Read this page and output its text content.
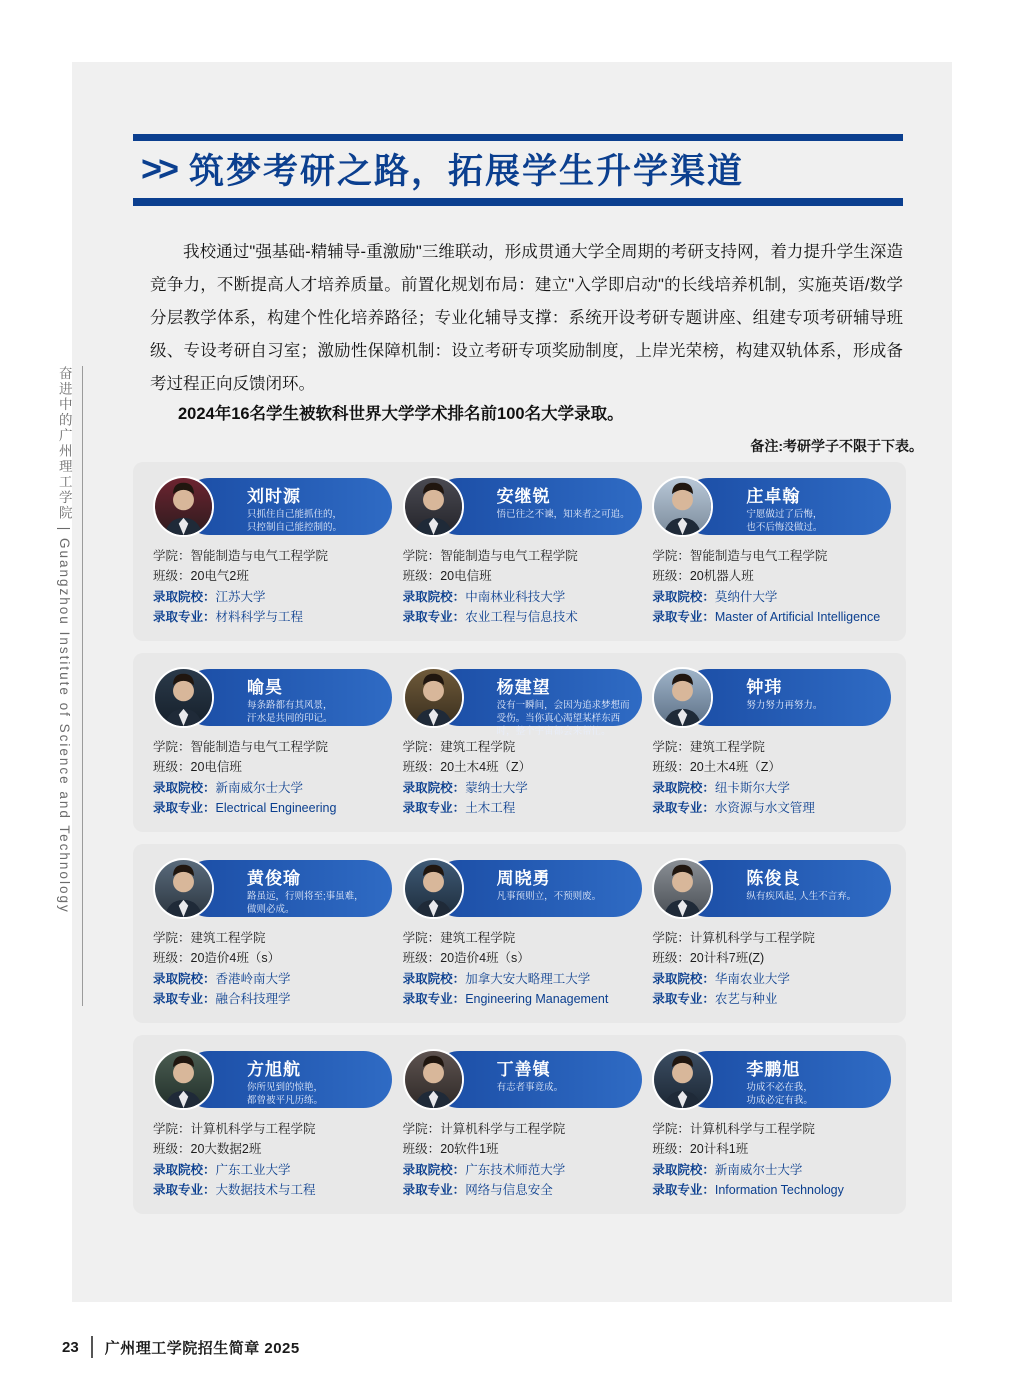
奋进中的广州理工学院 | Guangzhou Institute of Science and Technology
>> 筑梦考研之路，拓展学生升学渠道
我校通过"强基础-精辅导-重激励"三维联动，形成贯通大学全周期的考研支持网，着力提升学生深造竞争力，不断提高人才培养质量。前置化规划布局：建立"入学即启动"的长线培养机制，实施英语/数学分层教学体系，构建个性化培养路径；专业化辅导支撑：系统开设考研专题讲座、组建专项考研辅导班级、专设考研自习室；激励性保障机制：设立考研专项奖励制度，上岸光荣榜，构建双轨体系，形成备考过程正向反馈闭环。
2024年16名学生被软科世界大学学术排名前100名大学录取。
备注:考研学子不限于下表。
刘时源
只抓住自己能抓住的，
只控制自己能控制的。
学院：智能制造与电气工程学院
班级：20电气2班
录取院校：江苏大学
录取专业：材料科学与工程
安继锐
悟已往之不谏，知来者之可追。
学院：智能制造与电气工程学院
班级：20电信班
录取院校：中南林业科技大学
录取专业：农业工程与信息技术
庄卓翰
宁愿做过了后悔，
也不后悔没做过。
学院：智能制造与电气工程学院
班级：20机器人班
录取院校：莫纳什大学
录取专业：Master of Artificial Intelligence
喻昊
每条路都有其风景，
汗水是共同的印记。
学院：智能制造与电气工程学院
班级：20电信班
录取院校：新南威尔士大学
录取专业：Electrical Engineering
杨建望
没有一瞬间，会因为追求梦想而受伤。当你真心渴望某样东西时，整个宇宙都会来帮忙。
学院：建筑工程学院
班级：20土木4班（Z）
录取院校：蒙纳士大学
录取专业：土木工程
钟玮
努力努力再努力。
学院：建筑工程学院
班级：20土木4班（Z）
录取院校：纽卡斯尔大学
录取专业：水资源与水文管理
黄俊瑜
路虽远，行则将至;事虽难，
做则必成。
学院：建筑工程学院
班级：20造价4班（s）
录取院校：香港岭南大学
录取专业：融合科技理学
周晓勇
凡事预则立，不预则废。
学院：建筑工程学院
班级：20造价4班（s）
录取院校：加拿大安大略理工大学
录取专业：Engineering Management
陈俊良
纵有疾风起, 人生不言弃。
学院：计算机科学与工程学院
班级：20计科7班(Z)
录取院校：华南农业大学
录取专业：农艺与种业
方旭航
你所见到的惊艳，
都曾被平凡历练。
学院：计算机科学与工程学院
班级：20大数据2班
录取院校：广东工业大学
录取专业：大数据技术与工程
丁善镇
有志者事竟成。
学院：计算机科学与工程学院
班级：20软件1班
录取院校：广东技术师范大学
录取专业：网络与信息安全
李鹏旭
功成不必在我，
功成必定有我。
学院：计算机科学与工程学院
班级：20计科1班
录取院校：新南威尔士大学
录取专业：Information Technology
23	广州理工学院招生简章 2025
